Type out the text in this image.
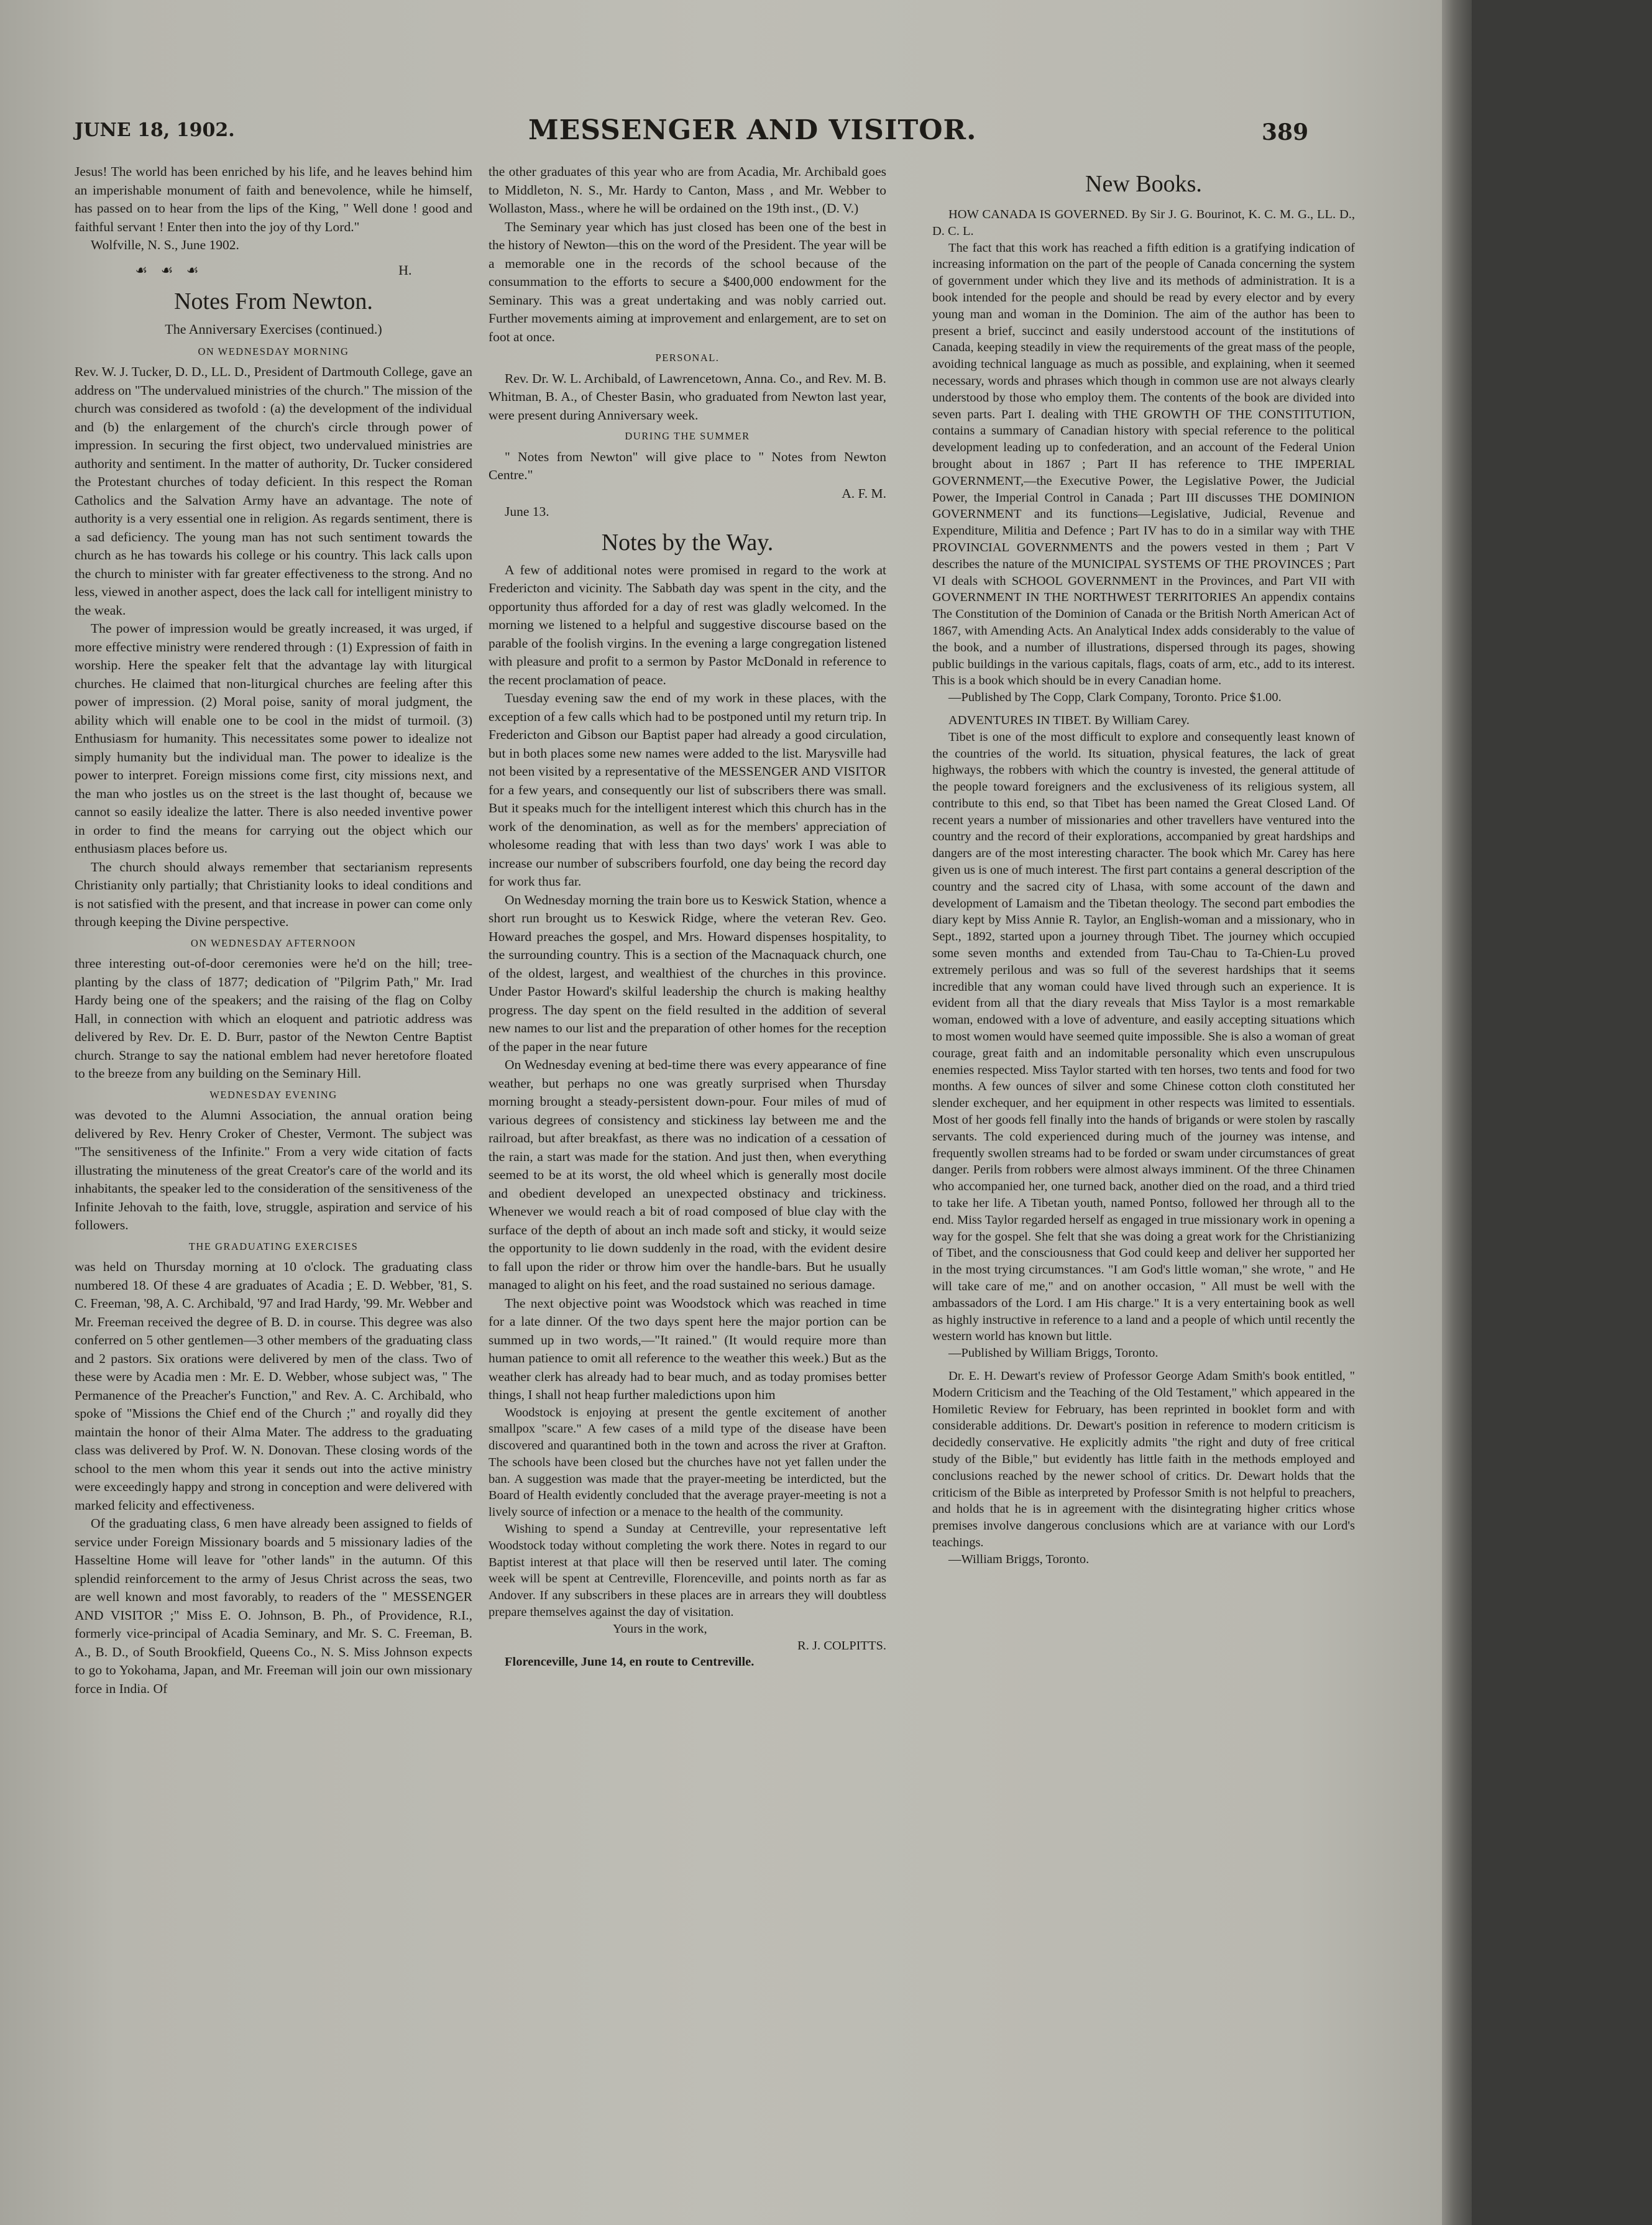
JUNE 18, 1902.	MESSENGER AND VISITOR.	389

Jesus! The world has been enriched by his life, and he leaves behind him an imperishable monument of faith and benevolence, while he himself, has passed on to hear from the lips of the King, " Well done ! good and faithful servant ! Enter then into the joy of thy Lord."

Wolfville, N. S., June 1902.

☙ ☙ ☙	H.
Notes From Newton.
The Anniversary Exercises (continued.)
ON WEDNESDAY MORNING

Rev. W. J. Tucker, D. D., LL. D., President of Dartmouth College, gave an address on "The undervalued ministries of the church." The mission of the church was considered as twofold : (a) the development of the individual and (b) the enlargement of the church's circle through power of impression. In securing the first object, two undervalued ministries are authority and sentiment. In the matter of authority, Dr. Tucker considered the Protestant churches of today deficient. In this respect the Roman Catholics and the Salvation Army have an advantage. The note of authority is a very essential one in religion. As regards sentiment, there is a sad deficiency. The young man has not such sentiment towards the church as he has towards his college or his country. This lack calls upon the church to minister with far greater effectiveness to the strong. And no less, viewed in another aspect, does the lack call for intelligent ministry to the weak.

The power of impression would be greatly increased, it was urged, if more effective ministry were rendered through : (1) Expression of faith in worship. Here the speaker felt that the advantage lay with liturgical churches. He claimed that non-liturgical churches are feeling after this power of impression. (2) Moral poise, sanity of moral judgment, the ability which will enable one to be cool in the midst of turmoil. (3) Enthusiasm for humanity. This necessitates some power to idealize not simply humanity but the individual man. The power to idealize is the power to interpret. Foreign missions come first, city missions next, and the man who jostles us on the street is the last thought of, because we cannot so easily idealize the latter. There is also needed inventive power in order to find the means for carrying out the object which our enthusiasm places before us.

The church should always remember that sectarianism represents Christianity only partially; that Christianity looks to ideal conditions and is not satisfied with the present, and that increase in power can come only through keeping the Divine perspective.

ON WEDNESDAY AFTERNOON

three interesting out-of-door ceremonies were he'd on the hill; tree-planting by the class of 1877; dedication of "Pilgrim Path," Mr. Irad Hardy being one of the speakers; and the raising of the flag on Colby Hall, in connection with which an eloquent and patriotic address was delivered by Rev. Dr. E. D. Burr, pastor of the Newton Centre Baptist church. Strange to say the national emblem had never heretofore floated to the breeze from any building on the Seminary Hill.

WEDNESDAY EVENING

was devoted to the Alumni Association, the annual oration being delivered by Rev. Henry Croker of Chester, Vermont. The subject was "The sensitiveness of the Infinite." From a very wide citation of facts illustrating the minuteness of the great Creator's care of the world and its inhabitants, the speaker led to the consideration of the sensitiveness of the Infinite Jehovah to the faith, love, struggle, aspiration and service of his followers.

THE GRADUATING EXERCISES

was held on Thursday morning at 10 o'clock. The graduating class numbered 18. Of these 4 are graduates of Acadia ; E. D. Webber, '81, S. C. Freeman, '98, A. C. Archibald, '97 and Irad Hardy, '99. Mr. Webber and Mr. Freeman received the degree of B. D. in course. This degree was also conferred on 5 other gentlemen—3 other members of the graduating class and 2 pastors. Six orations were delivered by men of the class. Two of these were by Acadia men : Mr. E. D. Webber, whose subject was, " The Permanence of the Preacher's Function," and Rev. A. C. Archibald, who spoke of "Missions the Chief end of the Church ;" and royally did they maintain the honor of their Alma Mater. The address to the graduating class was delivered by Prof. W. N. Donovan. These closing words of the school to the men whom this year it sends out into the active ministry were exceedingly happy and strong in conception and were delivered with marked felicity and effectiveness.

Of the graduating class, 6 men have already been assigned to fields of service under Foreign Missionary boards and 5 missionary ladies of the Hasseltine Home will leave for "other lands" in the autumn. Of this splendid reinforcement to the army of Jesus Christ across the seas, two are well known and most favorably, to readers of the " MESSENGER AND VISITOR ;" Miss E. O. Johnson, B. Ph., of Providence, R.I., formerly vice-principal of Acadia Seminary, and Mr. S. C. Freeman, B. A., B. D., of South Brookfield, Queens Co., N. S. Miss Johnson expects to go to Yokohama, Japan, and Mr. Freeman will join our own missionary force in India. Of

the other graduates of this year who are from Acadia, Mr. Archibald goes to Middleton, N. S., Mr. Hardy to Canton, Mass , and Mr. Webber to Wollaston, Mass., where he will be ordained on the 19th inst., (D. V.)

The Seminary year which has just closed has been one of the best in the history of Newton—this on the word of the President. The year will be a memorable one in the records of the school because of the consummation to the efforts to secure a $400,000 endowment for the Seminary. This was a great undertaking and was nobly carried out. Further movements aiming at improvement and enlargement, are to set on foot at once.

PERSONAL.

Rev. Dr. W. L. Archibald, of Lawrencetown, Anna. Co., and Rev. M. B. Whitman, B. A., of Chester Basin, who graduated from Newton last year, were present during Anniversary week.

DURING THE SUMMER

" Notes from Newton" will give place to " Notes from Newton Centre."

A. F. M.

June 13.

Notes by the Way.

A few of additional notes were promised in regard to the work at Fredericton and vicinity. The Sabbath day was spent in the city, and the opportunity thus afforded for a day of rest was gladly welcomed. In the morning we listened to a helpful and suggestive discourse based on the parable of the foolish virgins. In the evening a large congregation listened with pleasure and profit to a sermon by Pastor McDonald in reference to the recent proclamation of peace.

Tuesday evening saw the end of my work in these places, with the exception of a few calls which had to be postponed until my return trip. In Fredericton and Gibson our Baptist paper had already a good circulation, but in both places some new names were added to the list. Marysville had not been visited by a representative of the MESSENGER AND VISITOR for a few years, and consequently our list of subscribers there was small. But it speaks much for the intelligent interest which this church has in the work of the denomination, as well as for the members' appreciation of wholesome reading that with less than two days' work I was able to increase our number of subscribers fourfold, one day being the record day for work thus far.

On Wednesday morning the train bore us to Keswick Station, whence a short run brought us to Keswick Ridge, where the veteran Rev. Geo. Howard preaches the gospel, and Mrs. Howard dispenses hospitality, to the surrounding country. This is a section of the Macnaquack church, one of the oldest, largest, and wealthiest of the churches in this province. Under Pastor Howard's skilful leadership the church is making healthy progress. The day spent on the field resulted in the addition of several new names to our list and the preparation of other homes for the reception of the paper in the near future

On Wednesday evening at bed-time there was every appearance of fine weather, but perhaps no one was greatly surprised when Thursday morning brought a steady-persistent down-pour. Four miles of mud of various degrees of consistency and stickiness lay between me and the railroad, but after breakfast, as there was no indication of a cessation of the rain, a start was made for the station. And just then, when everything seemed to be at its worst, the old wheel which is generally most docile and obedient developed an unexpected obstinacy and trickiness. Whenever we would reach a bit of road composed of blue clay with the surface of the depth of about an inch made soft and sticky, it would seize the opportunity to lie down suddenly in the road, with the evident desire to fall upon the rider or throw him over the handle-bars. But he usually managed to alight on his feet, and the road sustained no serious damage.

The next objective point was Woodstock which was reached in time for a late dinner. Of the two days spent here the major portion can be summed up in two words,—"It rained." (It would require more than human patience to omit all reference to the weather this week.) But as the weather clerk has already had to bear much, and as today promises better things, I shall not heap further maledictions upon him

Woodstock is enjoying at present the gentle excitement of another smallpox "scare." A few cases of a mild type of the disease have been discovered and quarantined both in the town and across the river at Grafton. The schools have been closed but the churches have not yet fallen under the ban. A suggestion was made that the prayer-meeting be interdicted, but the Board of Health evidently concluded that the average prayer-meeting is not a lively source of infection or a menace to the health of the community.

Wishing to spend a Sunday at Centreville, your representative left Woodstock today without completing the work there. Notes in regard to our Baptist interest at that place will then be reserved until later. The coming week will be spent at Centreville, Florenceville, and points north as far as Andover. If any subscribers in these places are in arrears they will doubtless prepare themselves against the day of visitation.

Yours in the work,

R. J. COLPITTS.

Florenceville, June 14, en route to Centreville.

New Books.

HOW CANADA IS GOVERNED. By Sir J. G. Bourinot, K. C. M. G., LL. D., D. C. L.

The fact that this work has reached a fifth edition is a gratifying indication of increasing information on the part of the people of Canada concerning the system of government under which they live and its methods of administration. It is a book intended for the people and should be read by every elector and by every young man and woman in the Dominion. The aim of the author has been to present a brief, succinct and easily understood account of the institutions of Canada, keeping steadily in view the requirements of the great mass of the people, avoiding technical language as much as possible, and explaining, when it seemed necessary, words and phrases which though in common use are not always clearly understood by those who employ them. The contents of the book are divided into seven parts. Part I. dealing with THE GROWTH OF THE CONSTITUTION, contains a summary of Canadian history with special reference to the political development leading up to confederation, and an account of the Federal Union brought about in 1867 ; Part II has reference to THE IMPERIAL GOVERNMENT,—the Executive Power, the Legislative Power, the Judicial Power, the Imperial Control in Canada ; Part III discusses THE DOMINION GOVERNMENT and its functions—Legislative, Judicial, Revenue and Expenditure, Militia and Defence ; Part IV has to do in a similar way with THE PROVINCIAL GOVERNMENTS and the powers vested in them ; Part V describes the nature of the MUNICIPAL SYSTEMS OF THE PROVINCES ; Part VI deals with SCHOOL GOVERNMENT in the Provinces, and Part VII with GOVERNMENT IN THE NORTHWEST TERRITORIES An appendix contains The Constitution of the Dominion of Canada or the British North American Act of 1867, with Amending Acts. An Analytical Index adds considerably to the value of the book, and a number of illustrations, dispersed through its pages, showing public buildings in the various capitals, flags, coats of arm, etc., add to its interest. This is a book which should be in every Canadian home.

—Published by The Copp, Clark Company, Toronto. Price $1.00.

ADVENTURES IN TIBET. By William Carey.

Tibet is one of the most difficult to explore and consequently least known of the countries of the world. Its situation, physical features, the lack of great highways, the robbers with which the country is invested, the general attitude of the people toward foreigners and the exclusiveness of its religious system, all contribute to this end, so that Tibet has been named the Great Closed Land. Of recent years a number of missionaries and other travellers have ventured into the country and the record of their explorations, accompanied by great hardships and dangers are of the most interesting character. The book which Mr. Carey has here given us is one of much interest. The first part contains a general description of the country and the sacred city of Lhasa, with some account of the dawn and development of Lamaism and the Tibetan theology. The second part embodies the diary kept by Miss Annie R. Taylor, an English-woman and a missionary, who in Sept., 1892, started upon a journey through Tibet. The journey which occupied some seven months and extended from Tau-Chau to Ta-Chien-Lu proved extremely perilous and was so full of the severest hardships that it seems incredible that any woman could have lived through such an experience. It is evident from all that the diary reveals that Miss Taylor is a most remarkable woman, endowed with a love of adventure, and easily accepting situations which to most women would have seemed quite impossible. She is also a woman of great courage, great faith and an indomitable personality which even unscrupulous enemies respected. Miss Taylor started with ten horses, two tents and food for two months. A few ounces of silver and some Chinese cotton cloth constituted her slender exchequer, and her equipment in other respects was limited to essentials. Most of her goods fell finally into the hands of brigands or were stolen by rascally servants. The cold experienced during much of the journey was intense, and frequently swollen streams had to be forded or swam under circumstances of great danger. Perils from robbers were almost always imminent. Of the three Chinamen who accompanied her, one turned back, another died on the road, and a third tried to take her life. A Tibetan youth, named Pontso, followed her through all to the end. Miss Taylor regarded herself as engaged in true missionary work in opening a way for the gospel. She felt that she was doing a great work for the Christianizing of Tibet, and the consciousness that God could keep and deliver her supported her in the most trying circumstances. "I am God's little woman," she wrote, " and He will take care of me," and on another occasion, " All must be well with the ambassadors of the Lord. I am His charge." It is a very entertaining book as well as highly instructive in reference to a land and a people of which until recently the western world has known but little.

—Published by William Briggs, Toronto.

Dr. E. H. Dewart's review of Professor George Adam Smith's book entitled, " Modern Criticism and the Teaching of the Old Testament," which appeared in the Homiletic Review for February, has been reprinted in booklet form and with considerable additions. Dr. Dewart's position in reference to modern criticism is decidedly conservative. He explicitly admits "the right and duty of free critical study of the Bible," but evidently has little faith in the methods employed and conclusions reached by the newer school of critics. Dr. Dewart holds that the criticism of the Bible as interpreted by Professor Smith is not helpful to preachers, and holds that he is in agreement with the disintegrating higher critics whose premises involve dangerous conclusions which are at variance with our Lord's teachings.

—William Briggs, Toronto.
